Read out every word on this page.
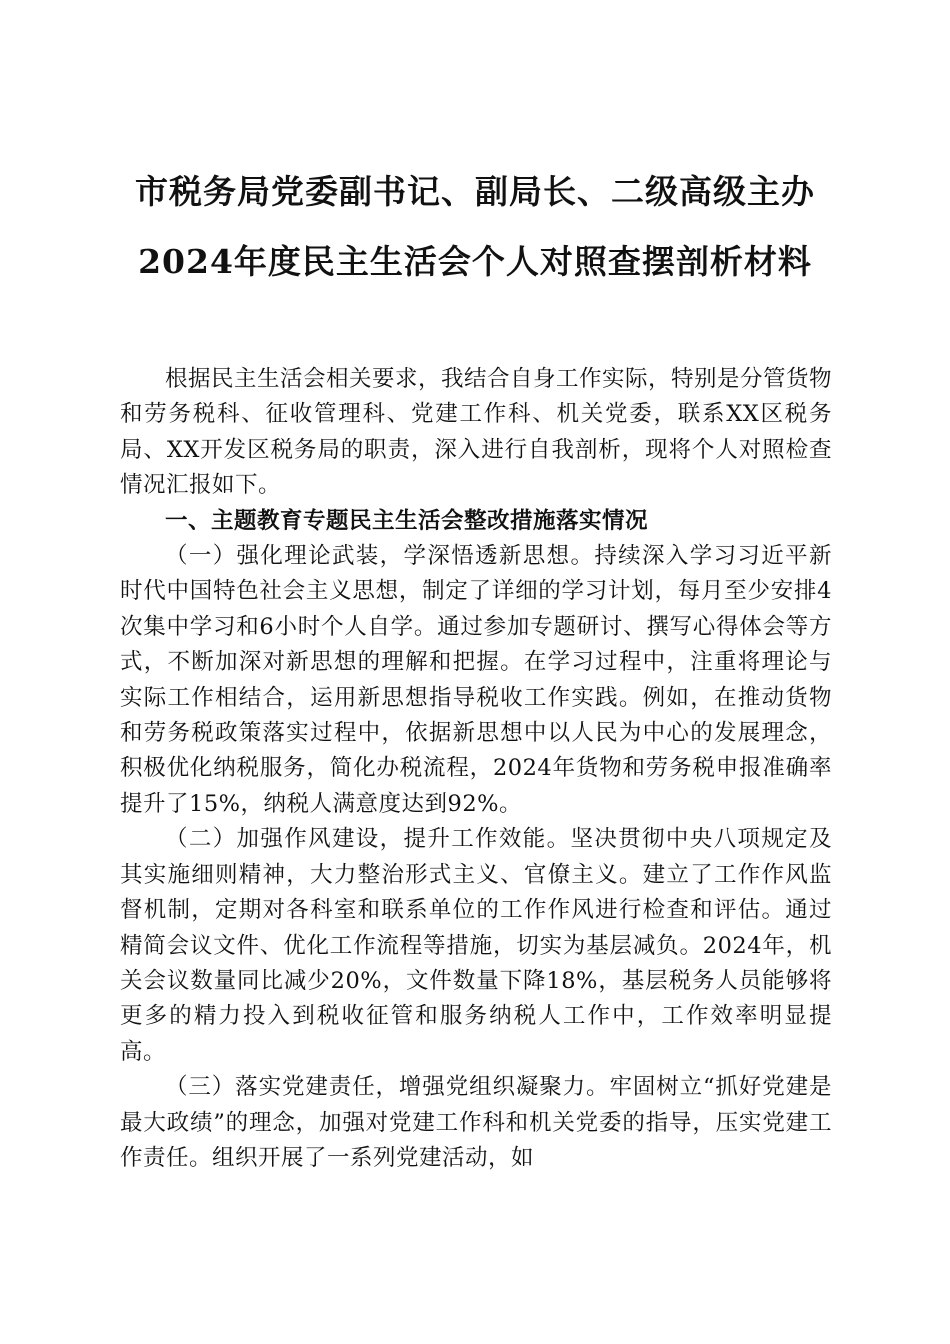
市税务局党委副书记、副局长、二级高级主办
2024年度民主生活会个人对照查摆剖析材料

根据民主生活会相关要求，我结合自身工作实际，特别是分管货物和劳务税科、征收管理科、党建工作科、机关党委，联系XX区税务局、XX开发区税务局的职责，深入进行自我剖析，现将个人对照检查情况汇报如下。

一、主题教育专题民主生活会整改措施落实情况

（一）强化理论武装，学深悟透新思想。持续深入学习习近平新时代中国特色社会主义思想，制定了详细的学习计划，每月至少安排4次集中学习和6小时个人自学。通过参加专题研讨、撰写心得体会等方式，不断加深对新思想的理解和把握。在学习过程中，注重将理论与实际工作相结合，运用新思想指导税收工作实践。例如，在推动货物和劳务税政策落实过程中，依据新思想中以人民为中心的发展理念，积极优化纳税服务，简化办税流程，2024年货物和劳务税申报准确率提升了15%，纳税人满意度达到92%。

（二）加强作风建设，提升工作效能。坚决贯彻中央八项规定及其实施细则精神，大力整治形式主义、官僚主义。建立了工作作风监督机制，定期对各科室和联系单位的工作作风进行检查和评估。通过精简会议文件、优化工作流程等措施，切实为基层减负。2024年，机关会议数量同比减少20%，文件数量下降18%，基层税务人员能够将更多的精力投入到税收征管和服务纳税人工作中，工作效率明显提高。

（三）落实党建责任，增强党组织凝聚力。牢固树立“抓好党建是最大政绩”的理念，加强对党建工作科和机关党委的指导，压实党建工作责任。组织开展了一系列党建活动，如
